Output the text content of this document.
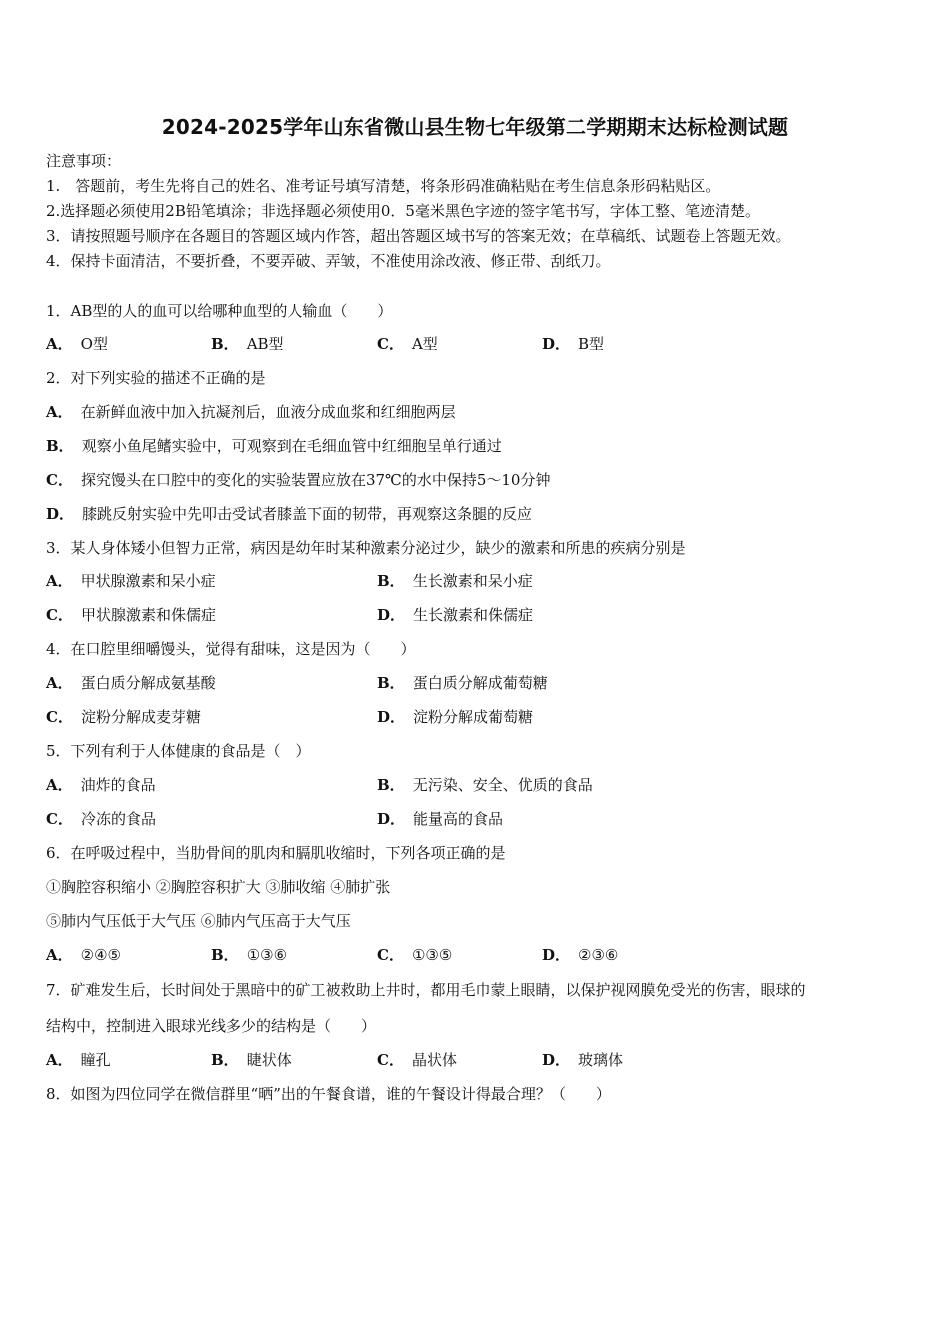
2024-2025学年山东省微山县生物七年级第二学期期末达标检测试题
注意事项：
1.　答题前，考生先将自己的姓名、准考证号填写清楚，将条形码准确粘贴在考生信息条形码粘贴区。
2.选择题必须使用2B铅笔填涂；非选择题必须使用0．5毫米黑色字迹的签字笔书写，字体工整、笔迹清楚。
3．请按照题号顺序在各题目的答题区域内作答，超出答题区域书写的答案无效；在草稿纸、试题卷上答题无效。
4．保持卡面清洁，不要折叠，不要弄破、弄皱，不准使用涂改液、修正带、刮纸刀。
1．AB型的人的血可以给哪种血型的人输血（　　）
A． O型	B． AB型	C． A型	D． B型
2．对下列实验的描述不正确的是
A． 在新鲜血液中加入抗凝剂后，血液分成血浆和红细胞两层
B． 观察小鱼尾鳍实验中，可观察到在毛细血管中红细胞呈单行通过
C． 探究馒头在口腔中的变化的实验装置应放在37℃的水中保持5～10分钟
D． 膝跳反射实验中先叩击受试者膝盖下面的韧带，再观察这条腿的反应
3．某人身体矮小但智力正常，病因是幼年时某种激素分泌过少，缺少的激素和所患的疾病分别是
A． 甲状腺激素和呆小症	B． 生长激素和呆小症
C． 甲状腺激素和侏儒症	D． 生长激素和侏儒症
4．在口腔里细嚼馒头，觉得有甜味，这是因为（　　）
A． 蛋白质分解成氨基酸	B． 蛋白质分解成葡萄糖
C． 淀粉分解成麦芽糖	D． 淀粉分解成葡萄糖
5．下列有利于人体健康的食品是（　）
A． 油炸的食品	B． 无污染、安全、优质的食品
C． 冷冻的食品	D． 能量高的食品
6．在呼吸过程中，当肋骨间的肌肉和膈肌收缩时，下列各项正确的是
①胸腔容积缩小 ②胸腔容积扩大 ③肺收缩 ④肺扩张
⑤肺内气压低于大气压 ⑥肺内气压高于大气压
A． ②④⑤	B． ①③⑥	C． ①③⑤	D． ②③⑥
7．矿难发生后，长时间处于黑暗中的矿工被救助上井时，都用毛巾蒙上眼睛，以保护视网膜免受光的伤害，眼球的
结构中，控制进入眼球光线多少的结构是（　　）
A． 瞳孔	B． 睫状体	C． 晶状体	D． 玻璃体
8．如图为四位同学在微信群里“晒”出的午餐食谱，谁的午餐设计得最合理？（　　）
